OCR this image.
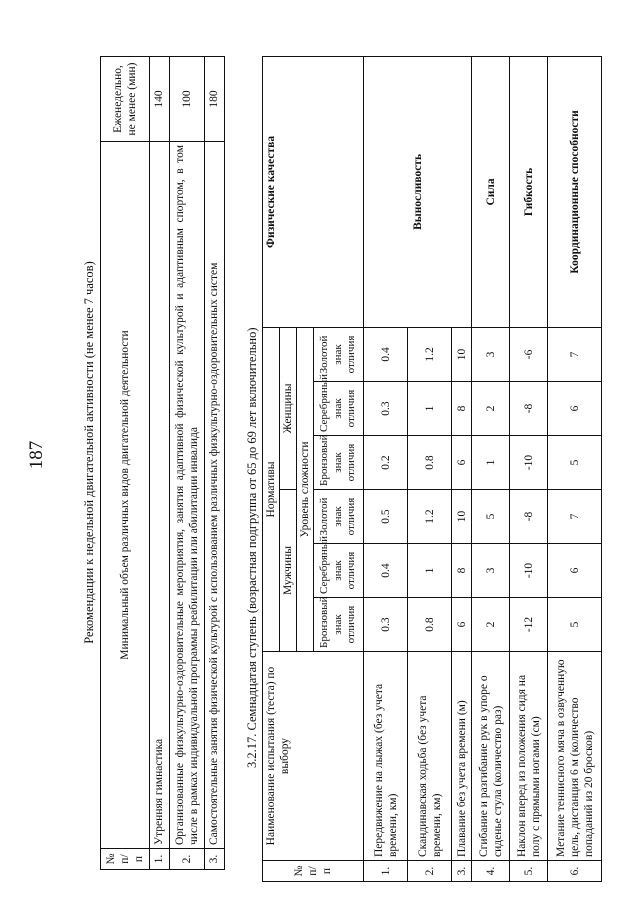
187	Рекомендации к недельной двигательной активности (не менее 7 часов)
№ п/п	Минимальный объем различных видов двигательной деятельности	Еженедельно, не менее (мин)
1.	Утренняя гимнастика	140
2.	Организованные физкультурно-оздоровительные мероприятия, занятия адаптивной физической культурой и адаптивным спортом, в том числе в рамках индивидуальной программы реабилитации или абилитации инвалида	100
3.	Самостоятельные занятия физической культурой с использованием различных физкультурно-оздоровительных систем	180
3.2.17. Семнадцатая ступень (возрастная подгруппа от 65 до 69 лет включительно)
№ п/п	Наименование испытания (теста) по выбору	Нормативы						Физические качества
		Мужчины			Женщины			
		Уровень сложности						
		Бронзовый знак отличия	Серебряный знак отличия	Золотой знак отличия	Бронзовый знак отличия	Серебряный знак отличия	Золотой знак отличия	
1.	Передвижение на лыжах (без учета времени, км)	0.3	0.4	0.5	0.2	0.3	0.4	Выносливость
2.	Скандинавская ходьба (без учета времени, км)	0.8	1	1.2	0.8	1	1.2	
3.	Плавание без учета времени (м)	6	8	10	6	8	10	
4.	Сгибание и разгибание рук в упоре о сиденье стула (количество раз)	2	3	5	1	2	3	Сила
5.	Наклон вперед из положения сидя на полу с прямыми ногами (см)	-12	-10	-8	-10	-8	-6	Гибкость
6.	Метание теннисного мяча в озвученную цель, дистанция 6 м (количество попаданий из 20 бросков)	5	6	7	5	6	7	Координационные способности
